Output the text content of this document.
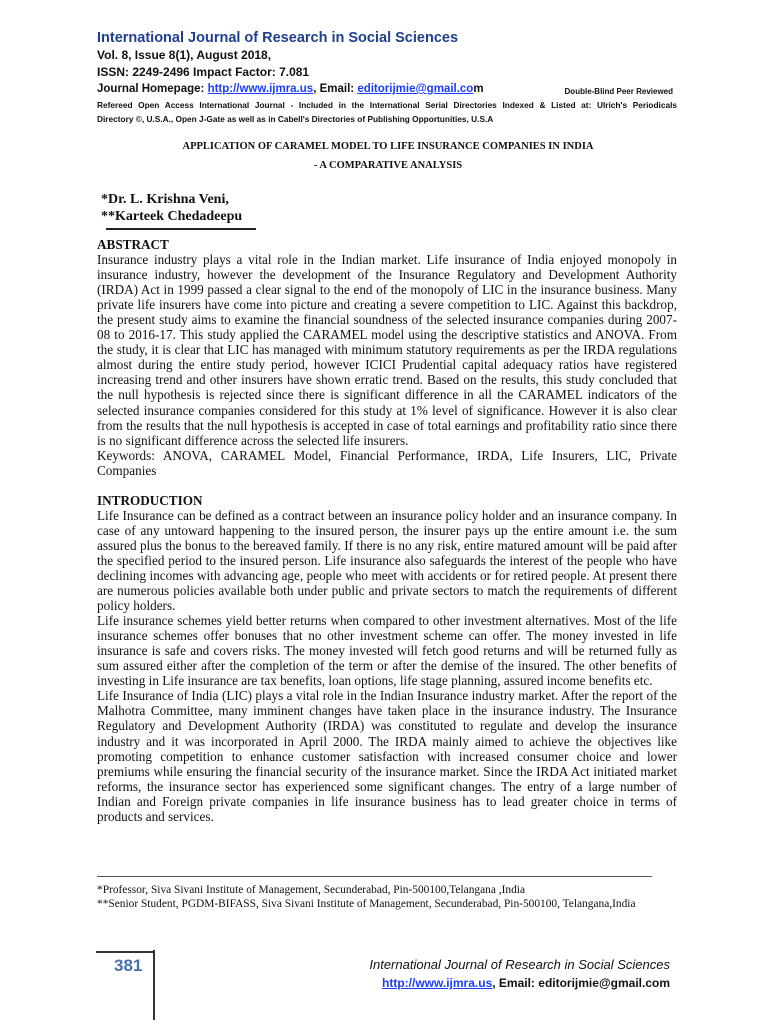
International Journal of Research in Social Sciences
Vol. 8, Issue 8(1), August 2018,
ISSN: 2249-2496 Impact Factor: 7.081
Journal Homepage: http://www.ijmra.us, Email: editorijmie@gmail.com	Double-Blind Peer Reviewed
Refereed Open Access International Journal - Included in the International Serial Directories Indexed & Listed at: Ulrich's Periodicals
Directory ©, U.S.A., Open J-Gate as well as in Cabell's Directories of Publishing Opportunities, U.S.A
APPLICATION OF CARAMEL MODEL TO LIFE INSURANCE COMPANIES IN INDIA
- A COMPARATIVE ANALYSIS
*Dr. L. Krishna Veni,
**Karteek Chedadeepu
ABSTRACT

Insurance industry plays a vital role in the Indian market. Life insurance of India enjoyed monopoly in insurance industry, however the development of the Insurance Regulatory and Development Authority (IRDA) Act in 1999 passed a clear signal to the end of the monopoly of LIC in the insurance business. Many private life insurers have come into picture and creating a severe competition to LIC. Against this backdrop, the present study aims to examine the financial soundness of the selected insurance companies during 2007-08 to 2016-17. This study applied the CARAMEL model using the descriptive statistics and ANOVA. From the study, it is clear that LIC has managed with minimum statutory requirements as per the IRDA regulations almost during the entire study period, however ICICI Prudential capital adequacy ratios have registered increasing trend and other insurers have shown erratic trend. Based on the results, this study concluded that the null hypothesis is rejected since there is significant difference in all the CARAMEL indicators of the selected insurance companies considered for this study at 1% level of significance. However it is also clear from the results that the null hypothesis is accepted in case of total earnings and profitability ratio since there is no significant difference across the selected life insurers.

Keywords: ANOVA, CARAMEL Model, Financial Performance, IRDA, Life Insurers, LIC, Private Companies

INTRODUCTION

Life Insurance can be defined as a contract between an insurance policy holder and an insurance company. In case of any untoward happening to the insured person, the insurer pays up the entire amount i.e. the sum assured plus the bonus to the bereaved family. If there is no any risk, entire matured amount will be paid after the specified period to the insured person. Life insurance also safeguards the interest of the people who have declining incomes with advancing age, people who meet with accidents or for retired people. At present there are numerous policies available both under public and private sectors to match the requirements of different policy holders.

Life insurance schemes yield better returns when compared to other investment alternatives. Most of the life insurance schemes offer bonuses that no other investment scheme can offer. The money invested in life insurance is safe and covers risks. The money invested will fetch good returns and will be returned fully as sum assured either after the completion of the term or after the demise of the insured. The other benefits of investing in Life insurance are tax benefits, loan options, life stage planning, assured income benefits etc.

Life Insurance of India (LIC) plays a vital role in the Indian Insurance industry market. After the report of the Malhotra Committee, many imminent changes have taken place in the insurance industry. The Insurance Regulatory and Development Authority (IRDA) was constituted to regulate and develop the insurance industry and it was incorporated in April 2000. The IRDA mainly aimed to achieve the objectives like promoting competition to enhance customer satisfaction with increased consumer choice and lower premiums while ensuring the financial security of the insurance market. Since the IRDA Act initiated market reforms, the insurance sector has experienced some significant changes. The entry of a large number of Indian and Foreign private companies in life insurance business has to lead greater choice in terms of products and services.

*Professor, Siva Sivani Institute of Management, Secunderabad, Pin-500100,Telangana ,India

**Senior Student, PGDM-BIFASS, Siva Sivani Institute of Management, Secunderabad, Pin-500100, Telangana,India

381	International Journal of Research in Social Sciences
http://www.ijmra.us, Email: editorijmie@gmail.com
